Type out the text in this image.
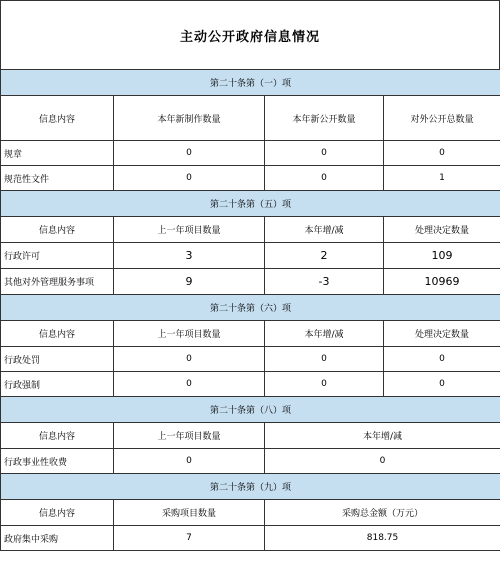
主动公开政府信息情况
第二十条第（一）项			
信息内容	本年新制作数量	本年新公开数量	对外公开总数量
规章	0	0	0
规范性文件	0	0	1
第二十条第（五）项			
信息内容	上一年项目数量	本年增/减	处理决定数量
行政许可	3	2	109
其他对外管理服务事项	9	-3	10969
第二十条第（六）项			
信息内容	上一年项目数量	本年增/减	处理决定数量
行政处罚	0	0	0
行政强制	0	0	0
第二十条第（八）项			
信息内容	上一年项目数量	本年增/减	
行政事业性收费	0	0	
第二十条第（九）项			
信息内容	采购项目数量	采购总金额（万元）	
政府集中采购	7	818.75	
